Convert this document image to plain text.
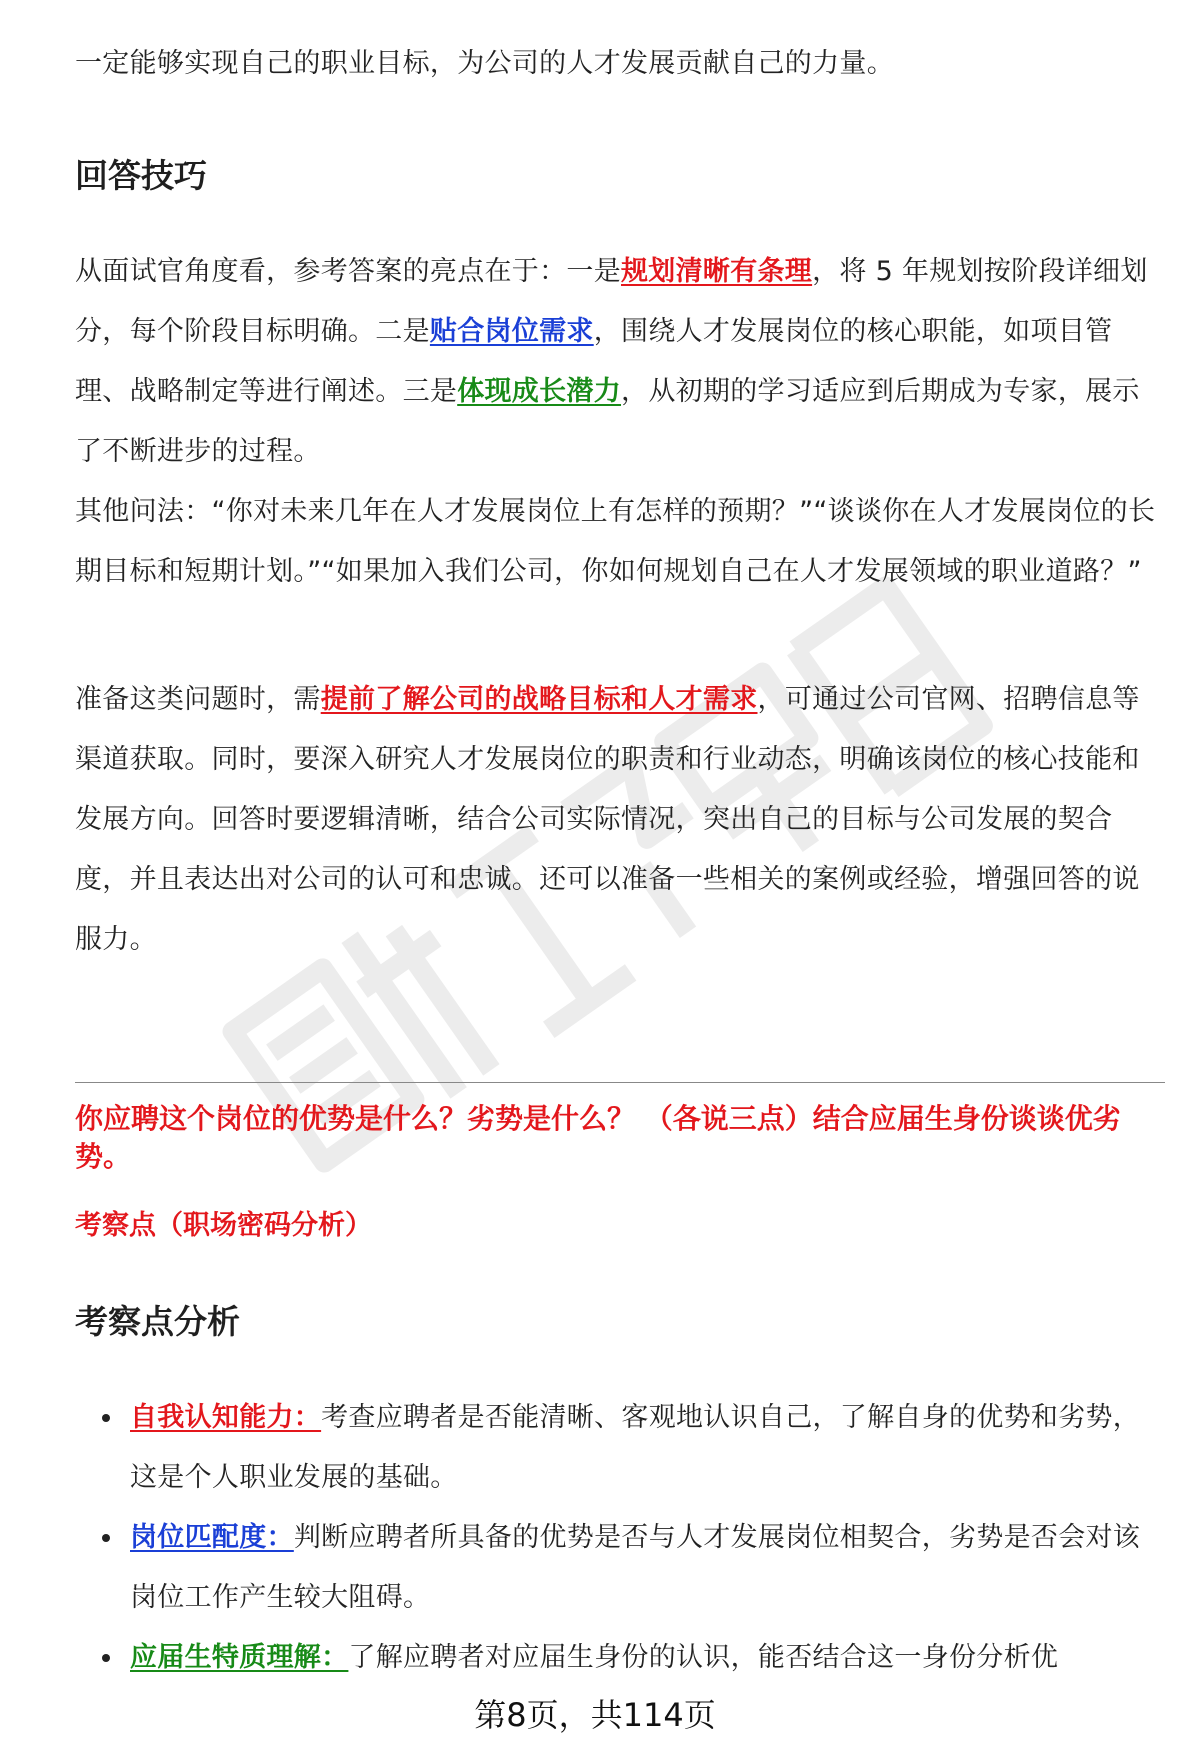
一定能够实现自己的职业目标，为公司的人才发展贡献自己的力量。

回答技巧

从面试官角度看，参考答案的亮点在于：一是规划清晰有条理，将 5 年规划按阶段详细划分，每个阶段目标明确。二是贴合岗位需求，围绕人才发展岗位的核心职能，如项目管理、战略制定等进行阐述。三是体现成长潜力，从初期的学习适应到后期成为专家，展示了不断进步的过程。

其他问法：“你对未来几年在人才发展岗位上有怎样的预期？”“谈谈你在人才发展岗位的长期目标和短期计划。”“如果加入我们公司，你如何规划自己在人才发展领域的职业道路？”

准备这类问题时，需提前了解公司的战略目标和人才需求，可通过公司官网、招聘信息等渠道获取。同时，要深入研究人才发展岗位的职责和行业动态，明确该岗位的核心技能和发展方向。回答时要逻辑清晰，结合公司实际情况，突出自己的目标与公司发展的契合度，并且表达出对公司的认可和忠诚。还可以准备一些相关的案例或经验，增强回答的说服力。

你应聘这个岗位的优势是什么？劣势是什么？ （各说三点）结合应届生身份谈谈优劣势。

考察点（职场密码分析）

考察点分析
自我认知能力：考查应聘者是否能清晰、客观地认识自己，了解自身的优势和劣势，这是个人职业发展的基础。
岗位匹配度：判断应聘者所具备的优势是否与人才发展岗位相契合，劣势是否会对该岗位工作产生较大阻碍。
应届生特质理解：了解应聘者对应届生身份的认识，能否结合这一身份分析优
第8页，共114页
